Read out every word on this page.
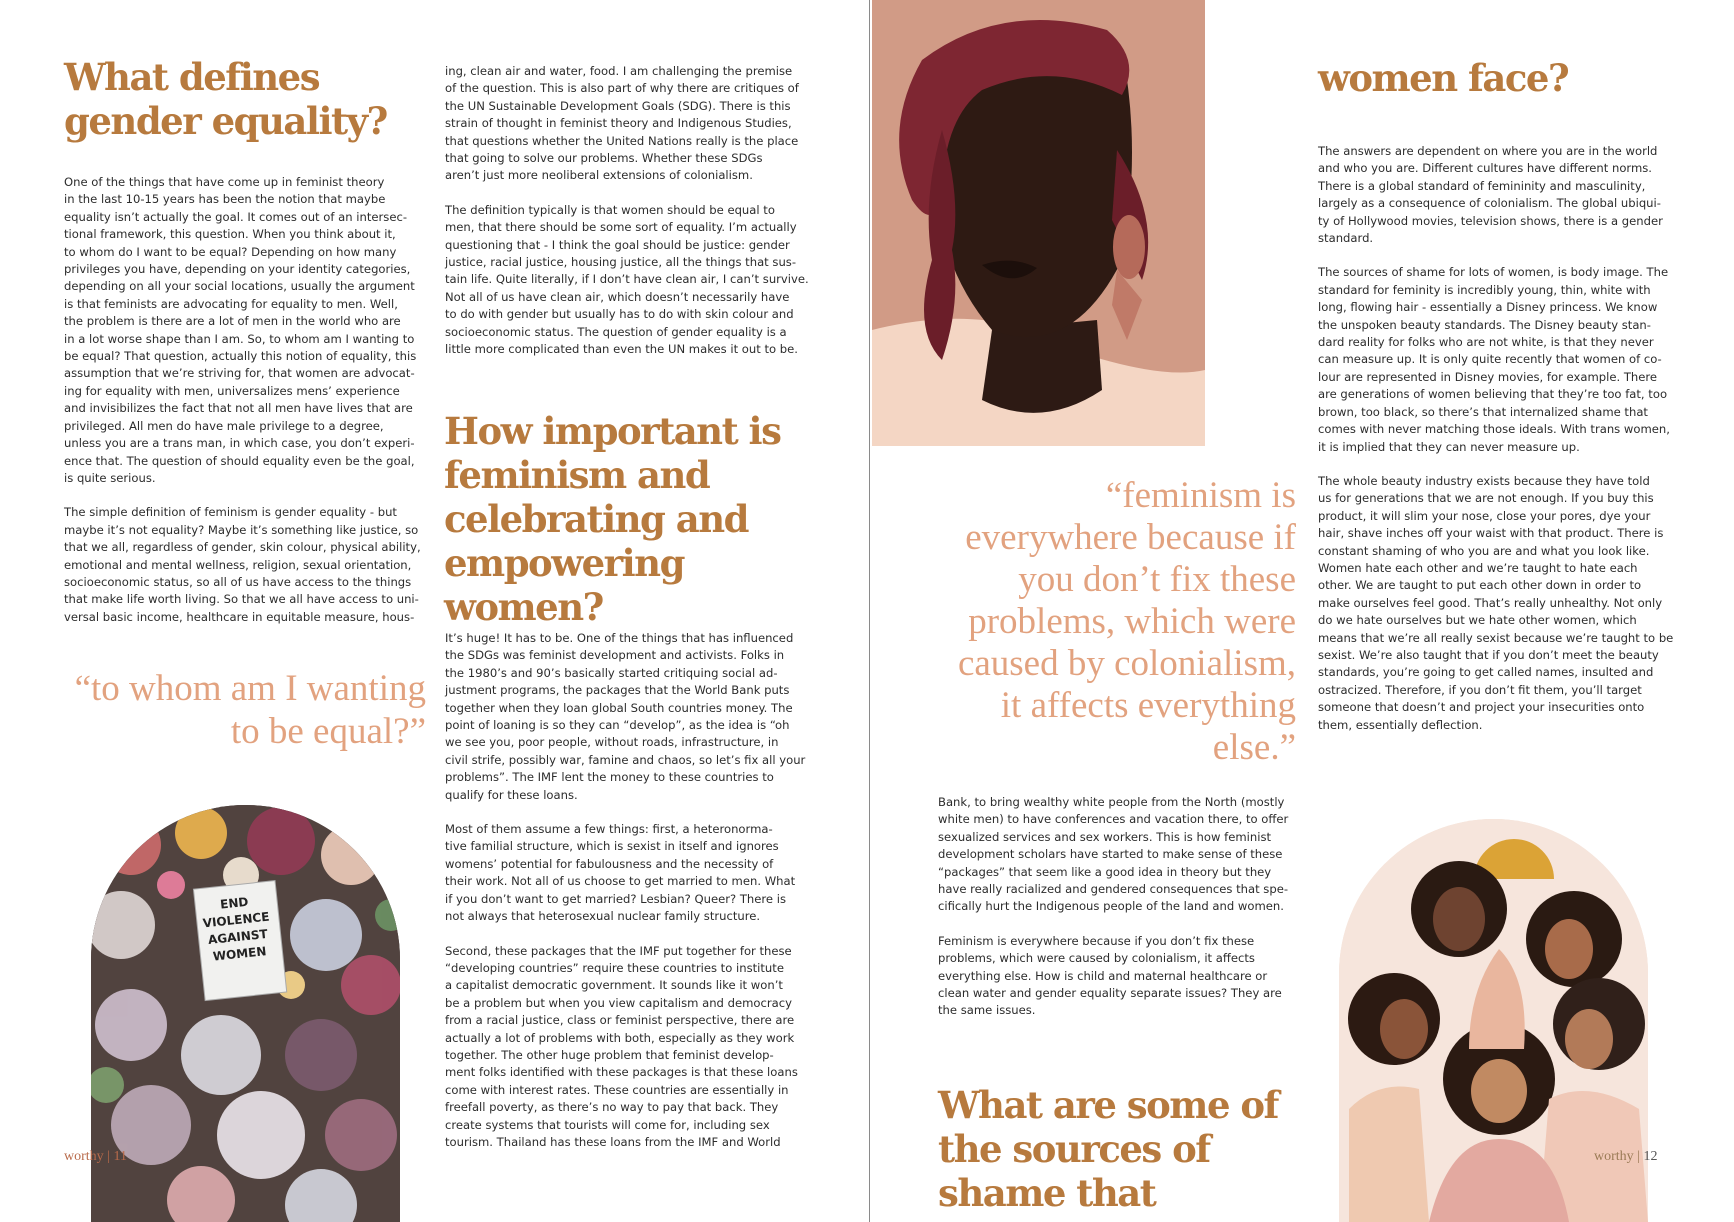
What defines gender equality?

One of the things that have come up in feminist theory
in the last 10-15 years has been the notion that maybe
equality isn’t actually the goal. It comes out of an intersec-
tional framework, this question. When you think about it,
to whom do I want to be equal? Depending on how many
privileges you have, depending on your identity categories,
depending on all your social locations, usually the argument
is that feminists are advocating for equality to men. Well,
the problem is there are a lot of men in the world who are
in a lot worse shape than I am. So, to whom am I wanting to
be equal? That question, actually this notion of equality, this
assumption that we’re striving for, that women are advocat-
ing for equality with men, universalizes mens’ experience
and invisibilizes the fact that not all men have lives that are
privileged. All men do have male privilege to a degree,
unless you are a trans man, in which case, you don’t experi-
ence that. The question of should equality even be the goal,
is quite serious.

The simple definition of feminism is gender equality - but
maybe it’s not equality? Maybe it’s something like justice, so
that we all, regardless of gender, skin colour, physical ability,
emotional and mental wellness, religion, sexual orientation,
socioeconomic status, so all of us have access to the things
that make life worth living. So that we all have access to uni-
versal basic income, healthcare in equitable measure, hous-

“to whom am I wanting to be equal?”

END VIOLENCE AGAINST WOMEN

ing, clean air and water, food. I am challenging the premise
of the question. This is also part of why there are critiques of
the UN Sustainable Development Goals (SDG). There is this
strain of thought in feminist theory and Indigenous Studies,
that questions whether the United Nations really is the place
that going to solve our problems. Whether these SDGs
aren’t just more neoliberal extensions of colonialism.

The definition typically is that women should be equal to
men, that there should be some sort of equality. I’m actually
questioning that - I think the goal should be justice: gender
justice, racial justice, housing justice, all the things that sus-
tain life. Quite literally, if I don’t have clean air, I can’t survive.
Not all of us have clean air, which doesn’t necessarily have
to do with gender but usually has to do with skin colour and
socioeconomic status. The question of gender equality is a
little more complicated than even the UN makes it out to be.

How important is feminism and celebrating and empowering women?

It’s huge! It has to be. One of the things that has influenced
the SDGs was feminist development and activists. Folks in
the 1980’s and 90’s basically started critiquing social ad-
justment programs, the packages that the World Bank puts
together when they loan global South countries money. The
point of loaning is so they can “develop”, as the idea is “oh
we see you, poor people, without roads, infrastructure, in
civil strife, possibly war, famine and chaos, so let’s fix all your
problems”. The IMF lent the money to these countries to
qualify for these loans.

Most of them assume a few things: first, a heteronorma-
tive familial structure, which is sexist in itself and ignores
womens’ potential for fabulousness and the necessity of
their work. Not all of us choose to get married to men. What
if you don’t want to get married? Lesbian? Queer? There is
not always that heterosexual nuclear family structure.

Second, these packages that the IMF put together for these
“developing countries” require these countries to institute
a capitalist democratic government. It sounds like it won’t
be a problem but when you view capitalism and democracy
from a racial justice, class or feminist perspective, there are
actually a lot of problems with both, especially as they work
together. The other huge problem that feminist develop-
ment folks identified with these packages is that these loans
come with interest rates. These countries are essentially in
freefall poverty, as there’s no way to pay that back. They
create systems that tourists will come for, including sex
tourism. Thailand has these loans from the IMF and World

worthy | 11
women face?

The answers are dependent on where you are in the world
and who you are. Different cultures have different norms.
There is a global standard of femininity and masculinity,
largely as a consequence of colonialism. The global ubiqui-
ty of Hollywood movies, television shows, there is a gender
standard.

The sources of shame for lots of women, is body image. The
standard for feminity is incredibly young, thin, white with
long, flowing hair - essentially a Disney princess. We know
the unspoken beauty standards. The Disney beauty stan-
dard reality for folks who are not white, is that they never
can measure up. It is only quite recently that women of co-
lour are represented in Disney movies, for example. There
are generations of women believing that they’re too fat, too
brown, too black, so there’s that internalized shame that
comes with never matching those ideals. With trans women,
it is implied that they can never measure up.

The whole beauty industry exists because they have told
us for generations that we are not enough. If you buy this
product, it will slim your nose, close your pores, dye your
hair, shave inches off your waist with that product. There is
constant shaming of who you are and what you look like.
Women hate each other and we’re taught to hate each
other. We are taught to put each other down in order to
make ourselves feel good. That’s really unhealthy. Not only
do we hate ourselves but we hate other women, which
means that we’re all really sexist because we’re taught to be
sexist. We’re also taught that if you don’t meet the beauty
standards, you’re going to get called names, insulted and
ostracized. Therefore, if you don’t fit them, you’ll target
someone that doesn’t and project your insecurities onto
them, essentially deflection.

“feminism is everywhere because if you don’t fix these problems, which were caused by colonialism, it affects everything else.”

Bank, to bring wealthy white people from the North (mostly
white men) to have conferences and vacation there, to offer
sexualized services and sex workers. This is how feminist
development scholars have started to make sense of these
“packages” that seem like a good idea in theory but they
have really racialized and gendered consequences that spe-
cifically hurt the Indigenous people of the land and women.

Feminism is everywhere because if you don’t fix these
problems, which were caused by colonialism, it affects
everything else. How is child and maternal healthcare or
clean water and gender equality separate issues? They are
the same issues.

What are some of the sources of shame that
worthy | 12
